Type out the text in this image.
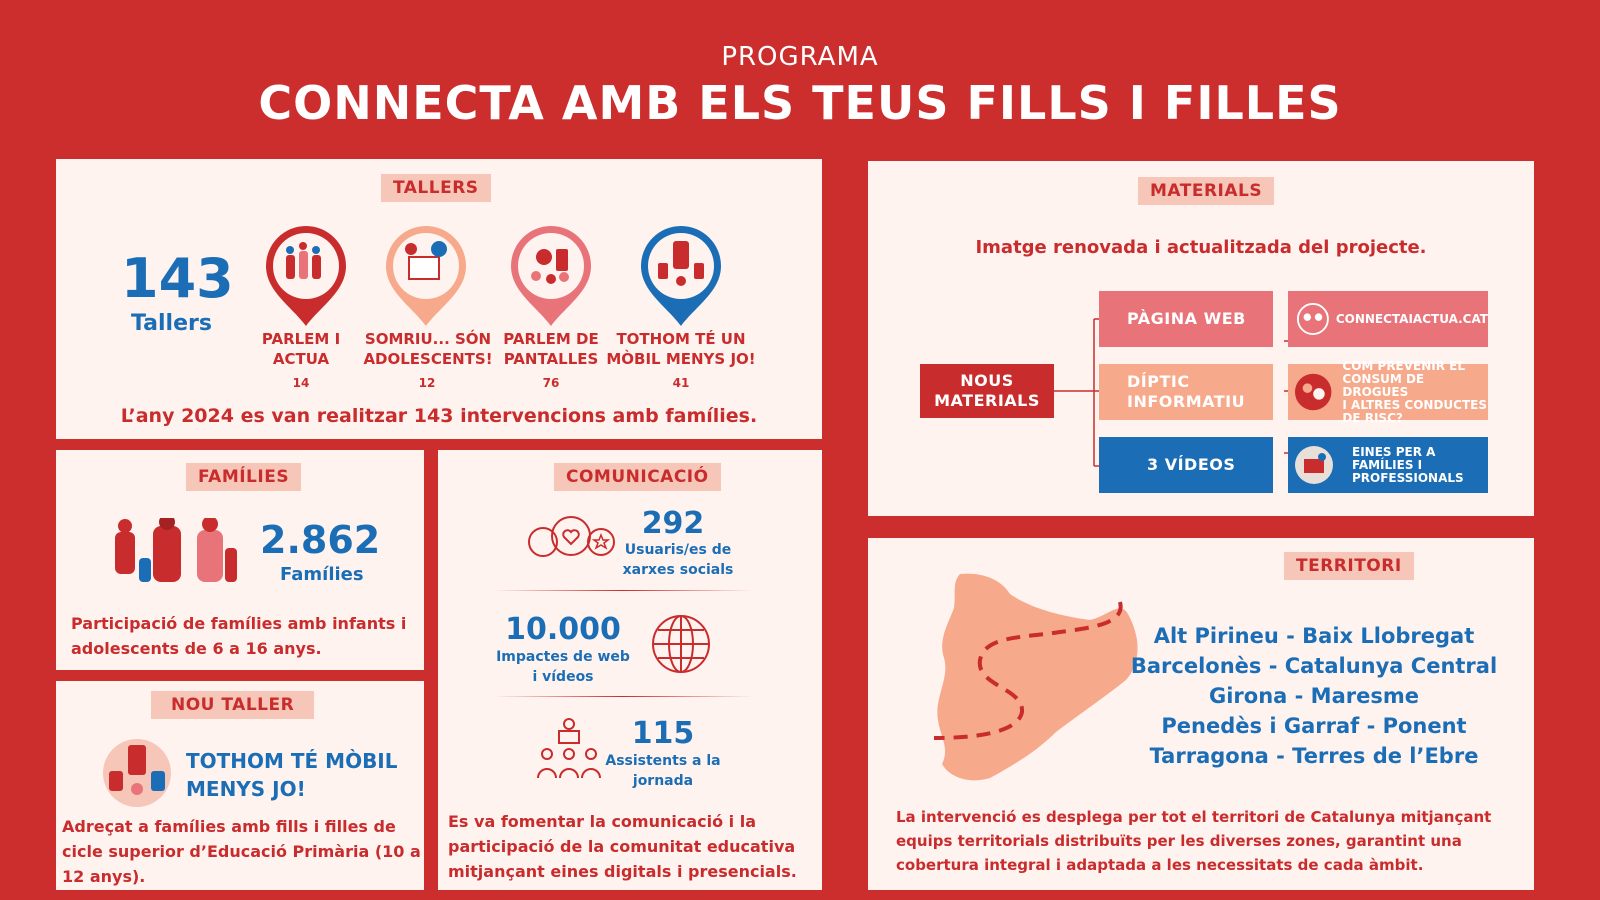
PROGRAMA
CONNECTA AMB ELS TEUS FILLS I FILLES
TALLERS
143
Tallers
PARLEM I
ACTUA
14
SOMRIU... SÓN
ADOLESCENTS!
12
PARLEM DE
PANTALLES
76
TOTHOM TÉ UN
MÒBIL MENYS JO!
41
L’any 2024 es van realitzar 143 intervencions amb famílies.
FAMÍLIES
2.862
Famílies
Participació de famílies amb infants i adolescents de 6 a 16 anys.
NOU TALLER
TOTHOM TÉ MÒBIL
MENYS JO!
Adreçat a famílies amb fills i filles de cicle superior d’Educació Primària (10 a 12 anys).
COMUNICACIÓ
292
Usuaris/es de
xarxes socials
10.000
Impactes de web
i vídeos
115
Assistents a la
jornada
Es va fomentar la comunicació i la participació de la comunitat educativa mitjançant eines digitals i presencials.
MATERIALS
Imatge renovada i actualitzada del projecte.
NOUS
MATERIALS
PÀGINA WEB
DÍPTIC
INFORMATIU
3 VÍDEOS
CONNECTAIACTUA.CAT
COM PREVENIR EL
CONSUM DE DROGUES
I ALTRES CONDUCTES
DE RISC?
EINES PER A
FAMÍLIES I
PROFESSIONALS
TERRITORI
Alt Pirineu - Baix Llobregat
Barcelonès - Catalunya Central
Girona - Maresme
Penedès i Garraf - Ponent
Tarragona - Terres de l’Ebre
La intervenció es desplega per tot el territori de Catalunya mitjançant equips territorials distribuïts per les diverses zones, garantint una cobertura integral i adaptada a les necessitats de cada àmbit.
